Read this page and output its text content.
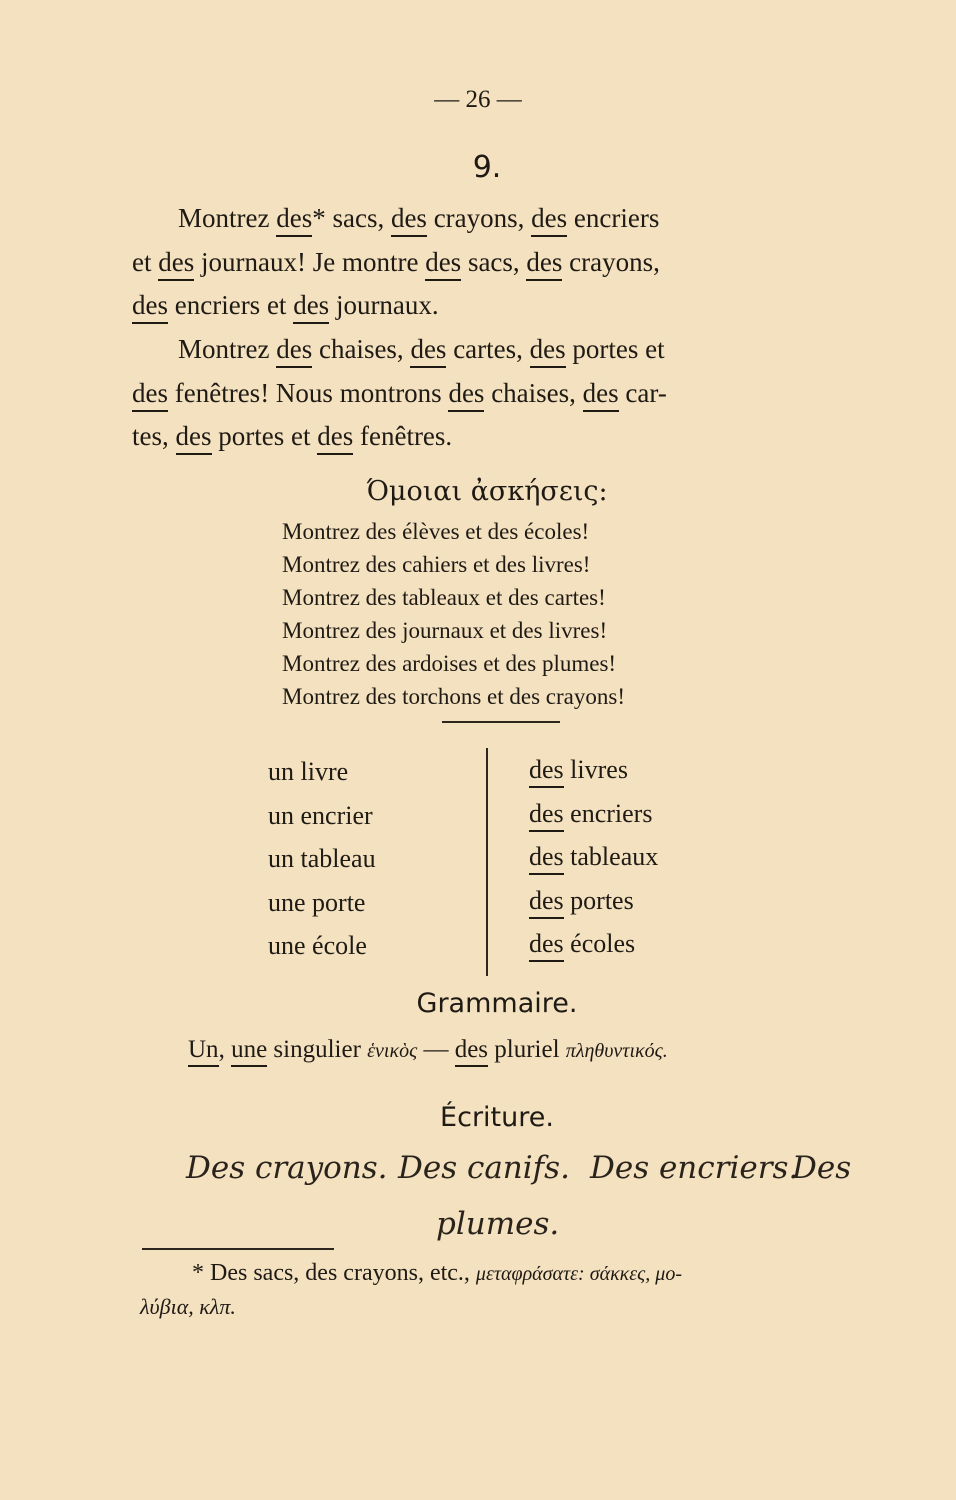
— 26 —
9.

Montrez des* sacs, des crayons, des encriers

et des journaux! Je montre des sacs, des crayons,

des encriers et des journaux.

Montrez des chaises, des cartes, des portes et

des fenêtres! Nous montrons des chaises, des car-

tes, des portes et des fenêtres.

Όμοιαι ἀσκήσεις:
Montrez des élèves et des écoles!
Montrez des cahiers et des livres!
Montrez des tableaux et des cartes!
Montrez des journaux et des livres!
Montrez des ardoises et des plumes!
Montrez des torchons et des crayons!
un livre
un encrier
un tableau
une porte
une école
des livres
des encriers
des tableaux
des portes
des écoles
Grammaire.
Un, une singulier ἑνικὸς — des pluriel πληθυντικός.
Écriture.
Des crayons. Des canifs. Des encriers.
Des
plumes.
* Des sacs, des crayons, etc., μεταφράσατε: σάκκες, μο-
λύβια, κλπ.
